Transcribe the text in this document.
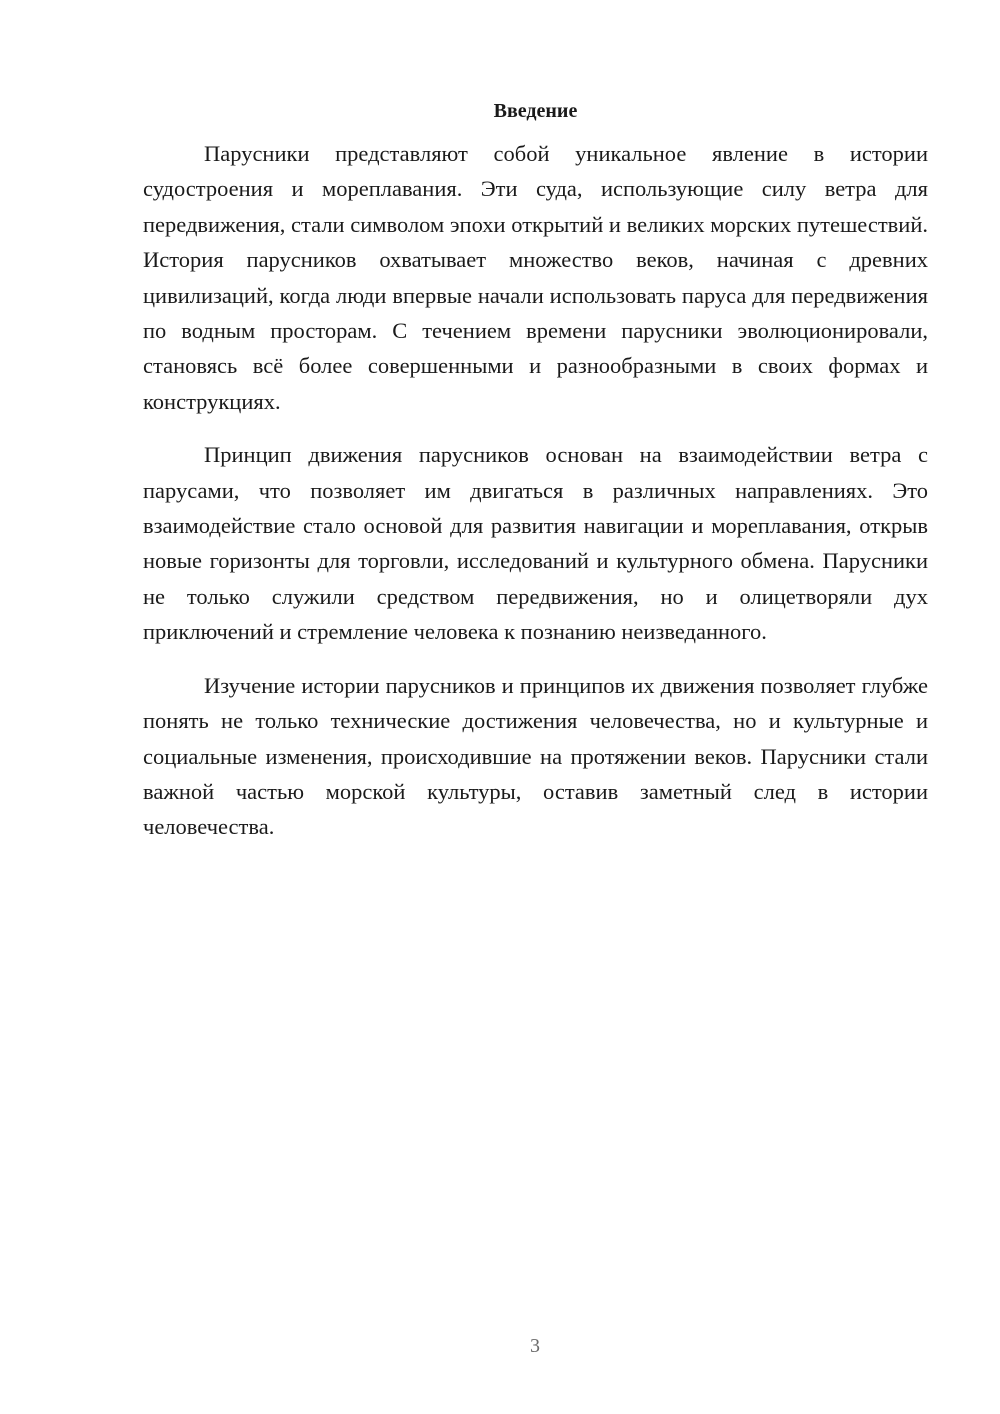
Введение

Парусники представляют собой уникальное явление в истории судостроения и мореплавания. Эти суда, использующие силу ветра для передвижения, стали символом эпохи открытий и великих морских путешествий. История парусников охватывает множество веков, начиная с древних цивилизаций, когда люди впервые начали использовать паруса для передвижения по водным просторам. С течением времени парусники эволюционировали, становясь всё более совершенными и разнообразными в своих формах и конструкциях.

Принцип движения парусников основан на взаимодействии ветра с парусами, что позволяет им двигаться в различных направлениях. Это взаимодействие стало основой для развития навигации и мореплавания, открыв новые горизонты для торговли, исследований и культурного обмена. Парусники не только служили средством передвижения, но и олицетворяли дух приключений и стремление человека к познанию неизведанного.

Изучение истории парусников и принципов их движения позволяет глубже понять не только технические достижения человечества, но и культурные и социальные изменения, происходившие на протяжении веков. Парусники стали важной частью морской культуры, оставив заметный след в истории человечества.

3
